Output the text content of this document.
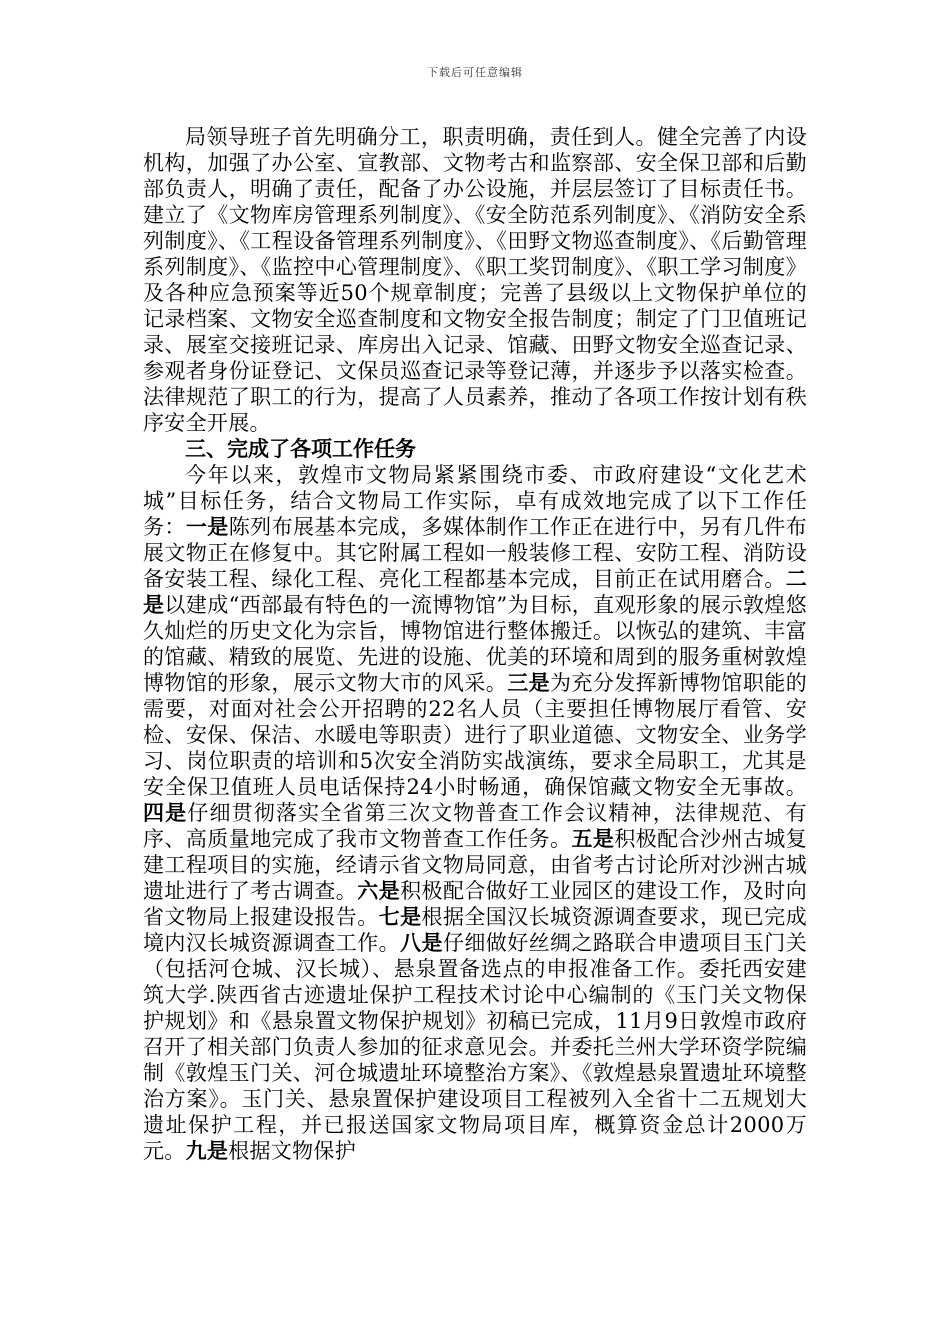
下载后可任意编辑

局领导班子首先明确分工，职责明确，责任到人。健全完善了内设机构，加强了办公室、宣教部、文物考古和监察部、安全保卫部和后勤部负责人，明确了责任，配备了办公设施，并层层签订了目标责任书。建立了《文物库房管理系列制度》、《安全防范系列制度》、《消防安全系列制度》、《工程设备管理系列制度》、《田野文物巡查制度》、《后勤管理系列制度》、《监控中心管理制度》、《职工奖罚制度》、《职工学习制度》及各种应急预案等近50个规章制度；完善了县级以上文物保护单位的记录档案、文物安全巡查制度和文物安全报告制度；制定了门卫值班记录、展室交接班记录、库房出入记录、馆藏、田野文物安全巡查记录、参观者身份证登记、文保员巡查记录等登记薄，并逐步予以落实检查。法律规范了职工的行为，提高了人员素养，推动了各项工作按计划有秩序安全开展。

三、完成了各项工作任务

今年以来，敦煌市文物局紧紧围绕市委、市政府建设“文化艺术城”目标任务，结合文物局工作实际，卓有成效地完成了以下工作任务：一是陈列布展基本完成，多媒体制作工作正在进行中，另有几件布展文物正在修复中。其它附属工程如一般装修工程、安防工程、消防设备安装工程、绿化工程、亮化工程都基本完成，目前正在试用磨合。二是以建成“西部最有特色的一流博物馆”为目标，直观形象的展示敦煌悠久灿烂的历史文化为宗旨，博物馆进行整体搬迁。以恢弘的建筑、丰富的馆藏、精致的展览、先进的设施、优美的环境和周到的服务重树敦煌博物馆的形象，展示文物大市的风采。三是为充分发挥新博物馆职能的需要，对面对社会公开招聘的22名人员（主要担任博物展厅看管、安检、安保、保洁、水暖电等职责）进行了职业道德、文物安全、业务学习、岗位职责的培训和5次安全消防实战演练，要求全局职工，尤其是安全保卫值班人员电话保持24小时畅通，确保馆藏文物安全无事故。四是仔细贯彻落实全省第三次文物普查工作会议精神，法律规范、有序、高质量地完成了我市文物普查工作任务。五是积极配合沙州古城复建工程项目的实施，经请示省文物局同意，由省考古讨论所对沙洲古城遗址进行了考古调查。六是积极配合做好工业园区的建设工作，及时向省文物局上报建设报告。七是根据全国汉长城资源调查要求，现已完成境内汉长城资源调查工作。八是仔细做好丝绸之路联合申遗项目玉门关（包括河仓城、汉长城）、悬泉置备选点的申报准备工作。委托西安建筑大学.陕西省古迹遗址保护工程技术讨论中心编制的《玉门关文物保护规划》和《悬泉置文物保护规划》初稿已完成，11月9日敦煌市政府召开了相关部门负责人参加的征求意见会。并委托兰州大学环资学院编制《敦煌玉门关、河仓城遗址环境整治方案》、《敦煌悬泉置遗址环境整治方案》。玉门关、悬泉置保护建设项目工程被列入全省十二五规划大遗址保护工程，并已报送国家文物局项目库，概算资金总计2000万元。九是根据文物保护
